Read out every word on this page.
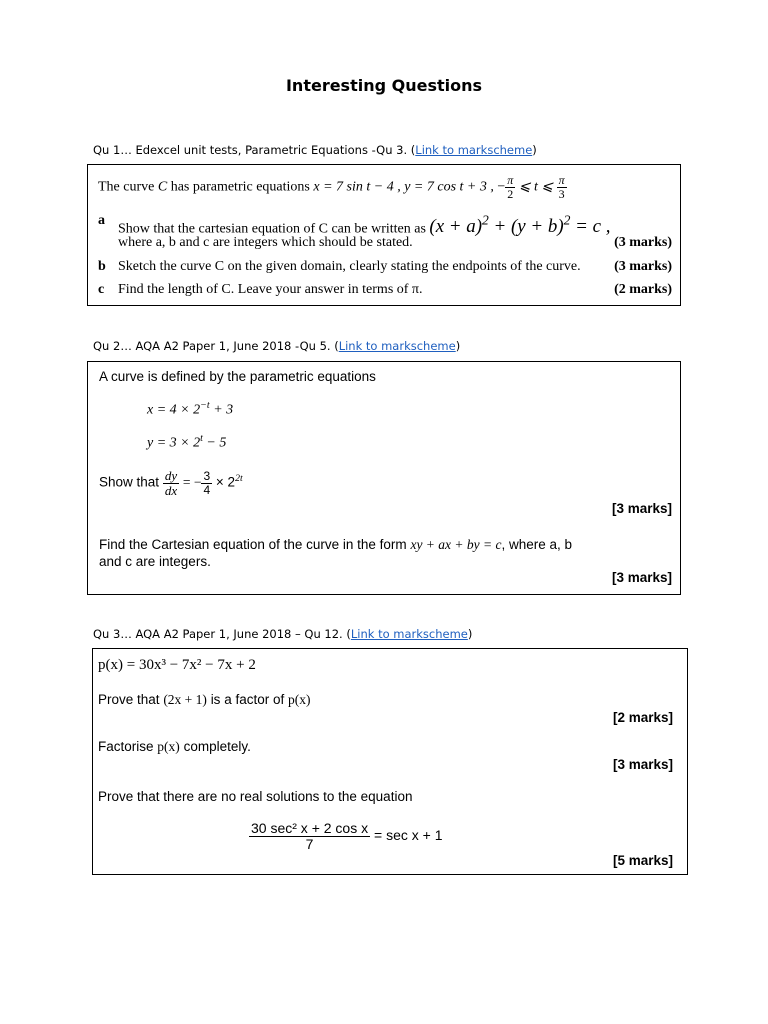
Interesting Questions
Qu 1… Edexcel unit tests, Parametric Equations -Qu 3. (Link to markscheme)
The curve C has parametric equations x = 7 sin t − 4 , y = 7 cos t + 3 , − $\frac{\pi}{2}$ ⩽ t ⩽ $\frac{\pi}{3}$
a
Show that the cartesian equation of C can be written as $(x + a)^2 + (y + b)^2 = c$ ,
where a, b and c are integers which should be stated.	(3 marks)
b Sketch the curve C on the given domain, clearly stating the endpoints of the curve. (3 marks)
c Find the length of C. Leave your answer in terms of π.	(2 marks)
Qu 2… AQA A2 Paper 1, June 2018 -Qu 5. (Link to markscheme)
A curve is defined by the parametric equations
$x = 4 \times 2^{-t} + 3$
$y = 3 \times 2^t - 5$
Show that $\frac{dy}{dx}$ = − $\frac{3}{4} \times 2^{2t}$
[3 marks]
Find the Cartesian equation of the curve in the form xy + ax + by = c, where a, b
and c are integers.
[3 marks]
Qu 3… AQA A2 Paper 1, June 2018 – Qu 12. (Link to markscheme)
p(x) = 30x³ − 7x² − 7x + 2
Prove that (2x + 1) is a factor of p(x)
[2 marks]
Factorise p(x) completely.
[3 marks]
Prove that there are no real solutions to the equation
$\frac{\text{30 sec² x + 2 cos x}}{7} = \sec x + 1$
[5 marks]
